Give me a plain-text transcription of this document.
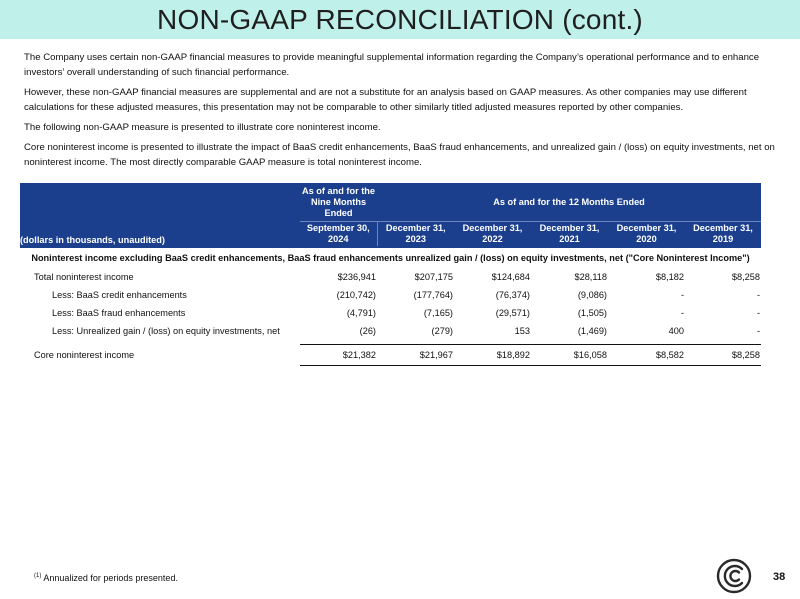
NON-GAAP RECONCILIATION (cont.)

The Company uses certain non-GAAP financial measures to provide meaningful supplemental information regarding the Company’s operational performance and to enhance investors’ overall understanding of such financial performance.

However, these non-GAAP financial measures are supplemental and are not a substitute for an analysis based on GAAP measures. As other companies may use different calculations for these adjusted measures, this presentation may not be comparable to other similarly titled adjusted measures reported by other companies.

The following non-GAAP measure is presented to illustrate core noninterest income.

Core noninterest income is presented to illustrate the impact of BaaS credit enhancements, BaaS fraud enhancements, and unrealized gain / (loss) on equity investments, net on noninterest income. The most directly comparable GAAP measure is total noninterest income.

(dollars in thousands, unaudited)	As of and for the Nine Months Ended	As of and for the 12 Months Ended				
	September 30, 2024	December 31, 2023	December 31, 2022	December 31, 2021	December 31, 2020	December 31, 2019
Noninterest income excluding BaaS credit enhancements, BaaS fraud enhancements unrealized gain / (loss) on equity investments, net ("Core Noninterest Income")						
Total noninterest income	$236,941	$207,175	$124,684	$28,118	$8,182	$8,258
Less: BaaS credit enhancements	(210,742)	(177,764)	(76,374)	(9,086)	-	-
Less: BaaS fraud enhancements	(4,791)	(7,165)	(29,571)	(1,505)	-	-
Less: Unrealized gain / (loss) on equity investments, net	(26)	(279)	153	(1,469)	400	-

Core noninterest income	$21,382	$21,967	$18,892	$16,058	$8,582	$8,258
$^{(1)}$ Annualized for periods presented.	38
